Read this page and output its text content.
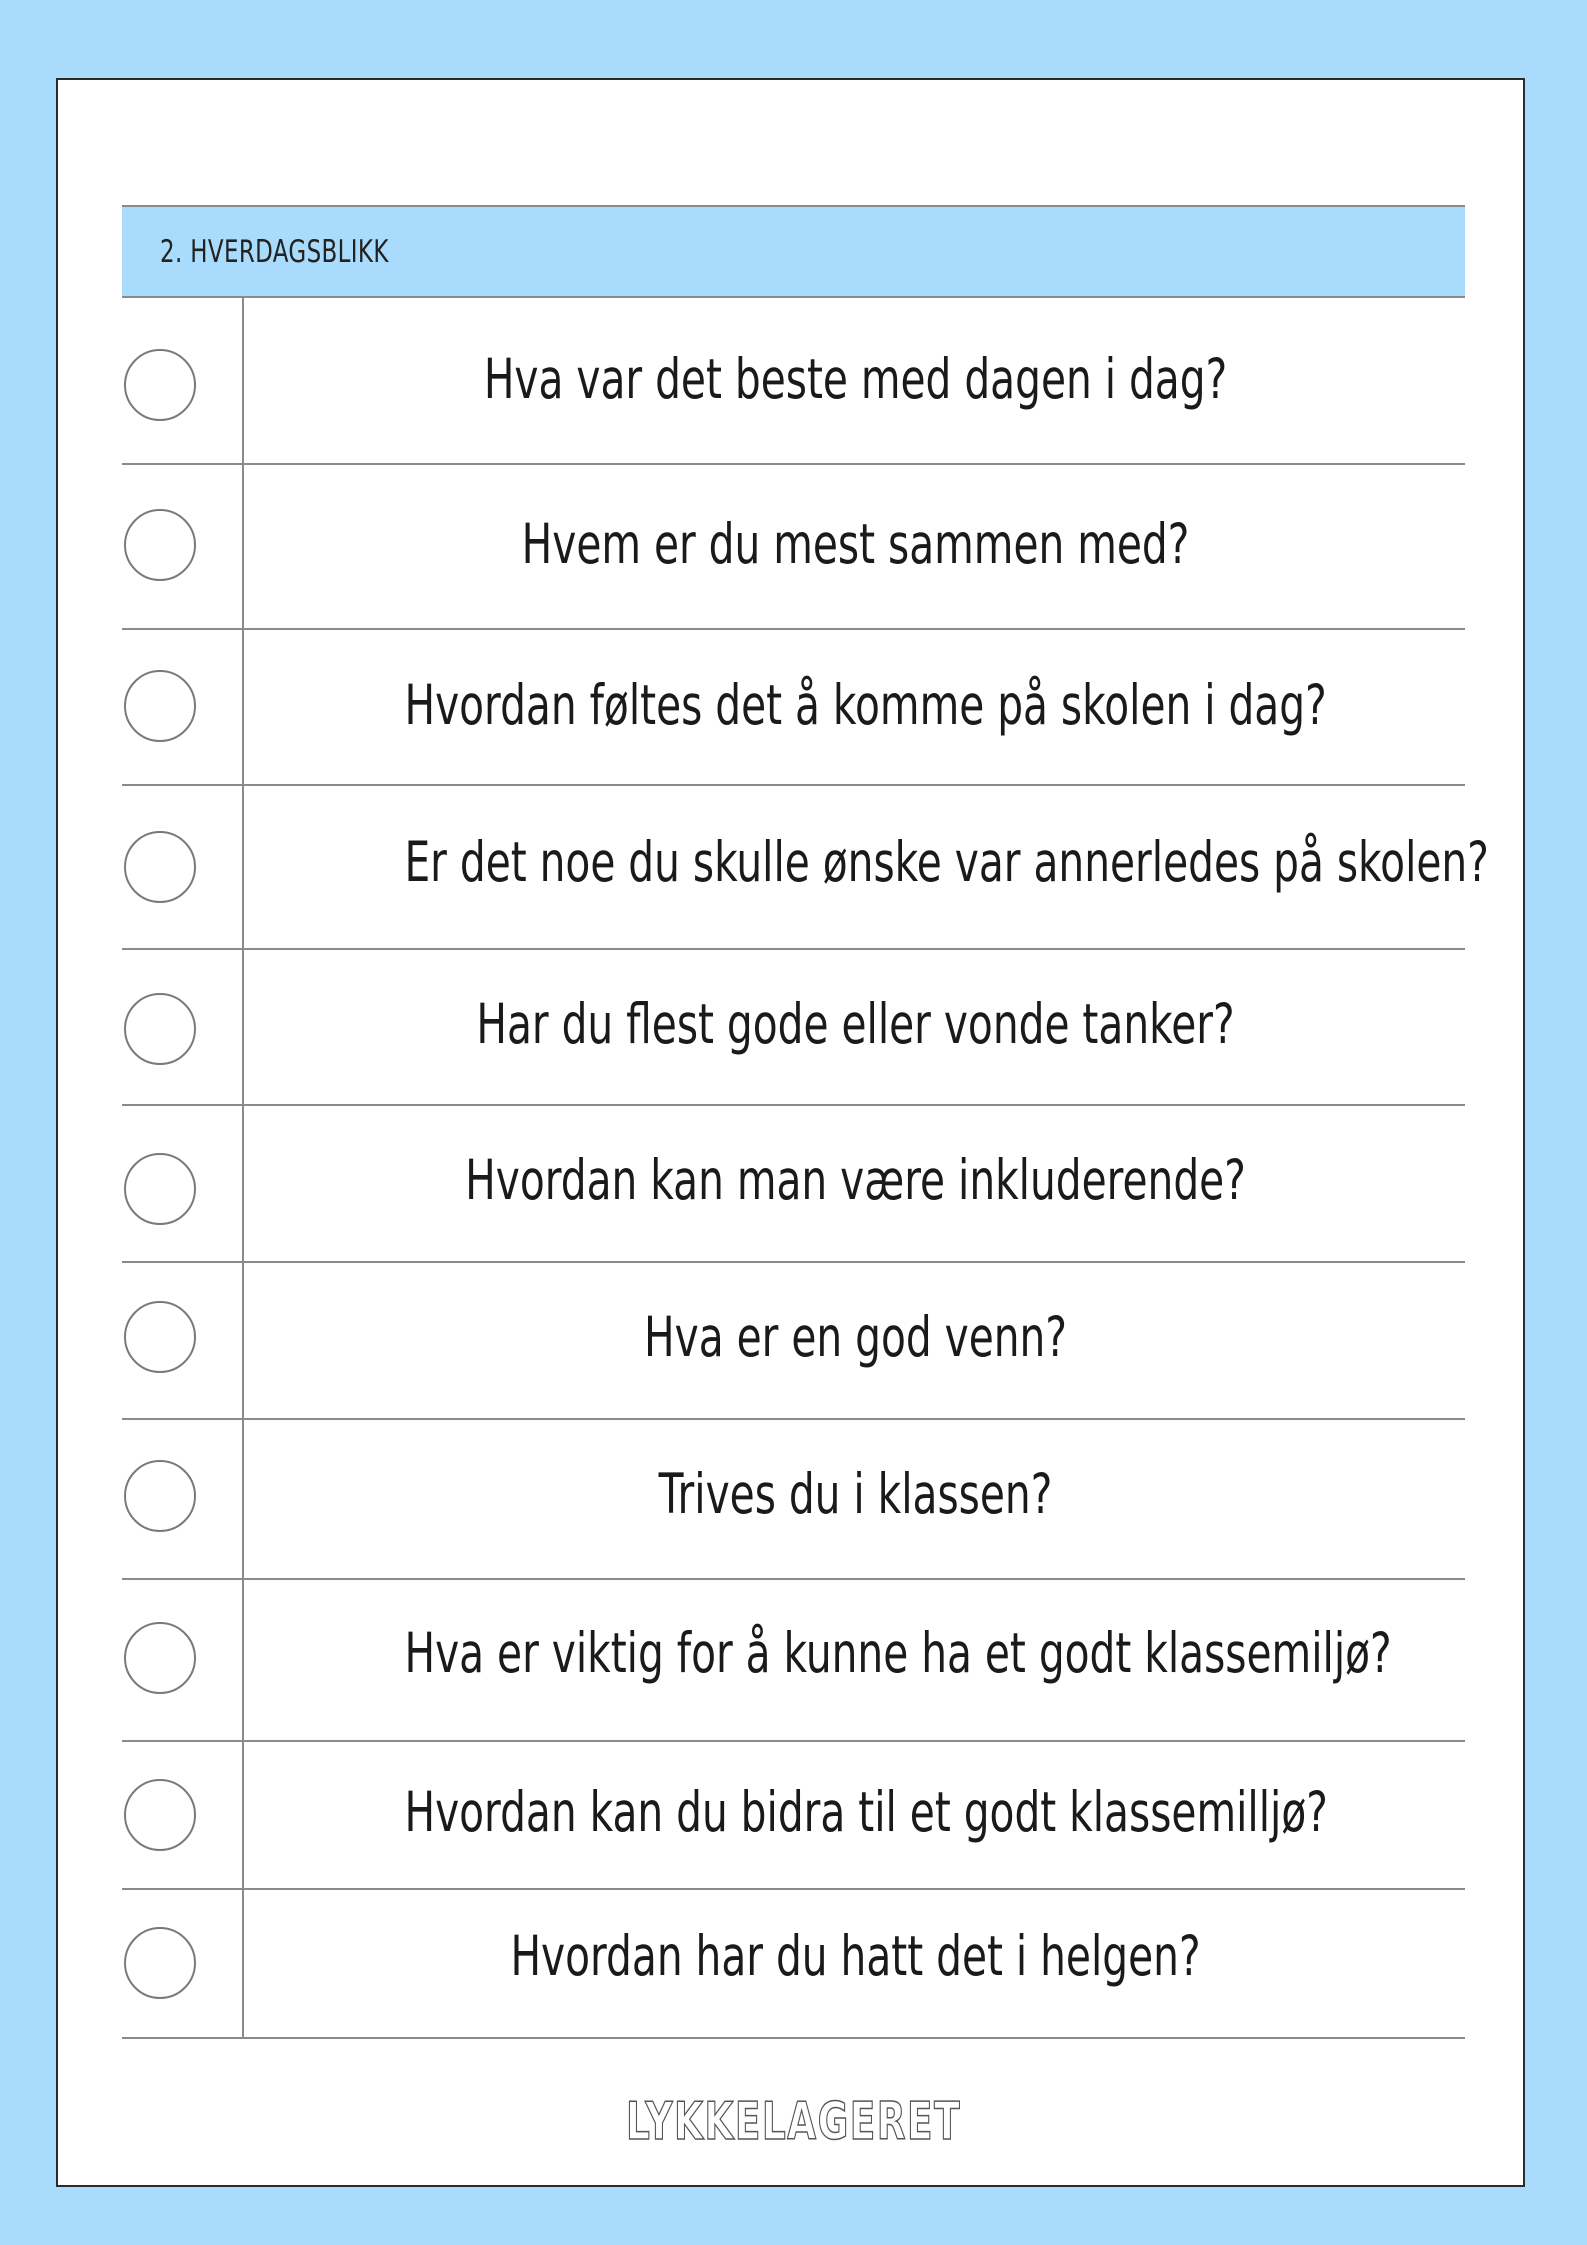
2. HVERDAGSBLIKK
Hva var det beste med dagen i dag?
Hvem er du mest sammen med?
Hvordan føltes det å komme på skolen i dag?
Er det noe du skulle ønske var annerledes på skolen?
Har du flest gode eller vonde tanker?
Hvordan kan man være inkluderende?
Hva er en god venn?
Trives du i klassen?
Hva er viktig for å kunne ha et godt klassemiljø?
Hvordan kan du bidra til et godt klassemilljø?
Hvordan har du hatt det i helgen?
LYKKELAGERET
